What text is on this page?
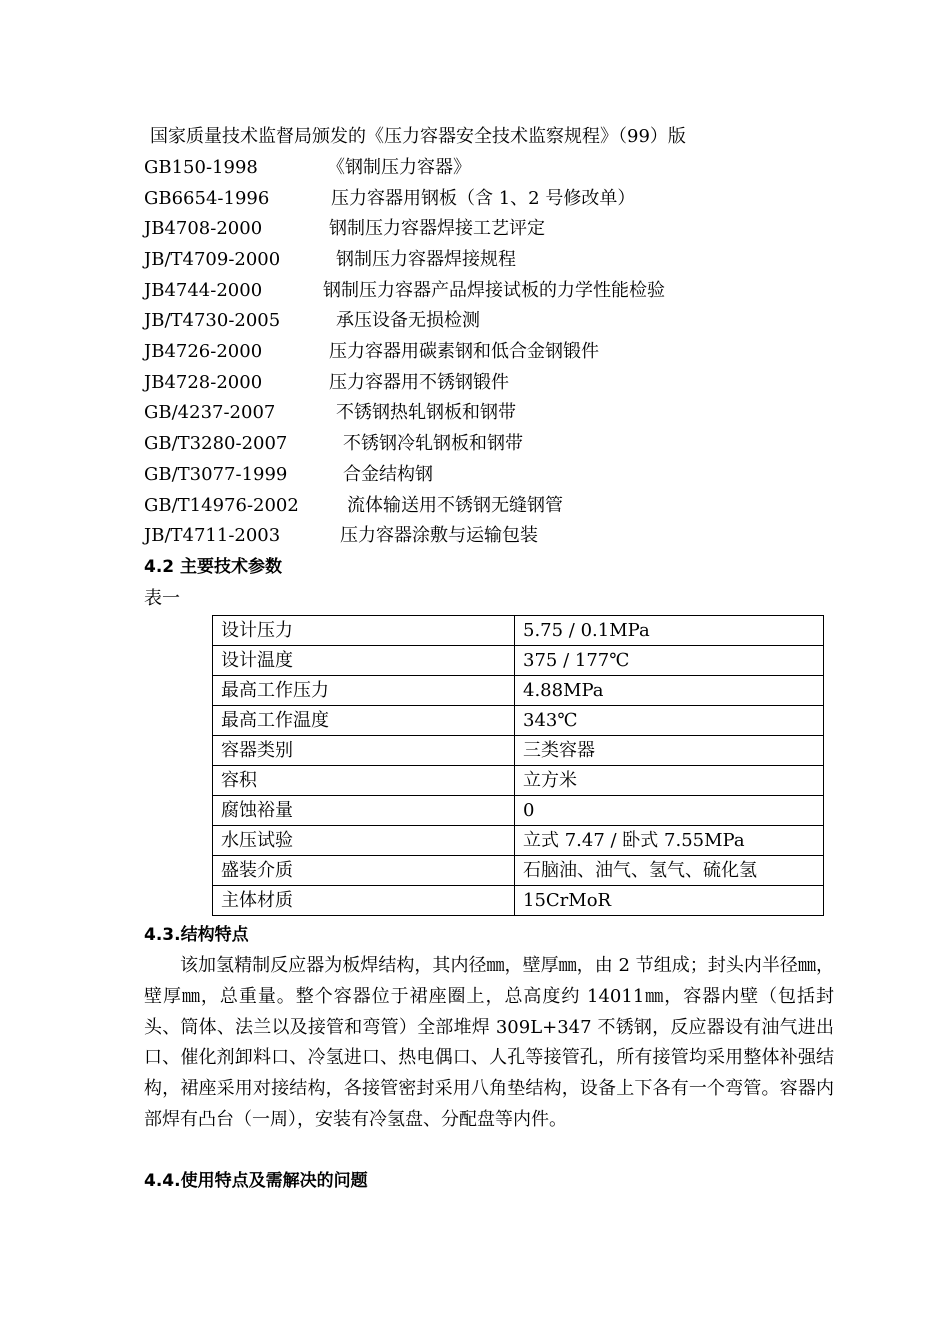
国家质量技术监督局颁发的《压力容器安全技术监察规程》（99）版
GB150-1998	《钢制压力容器》
GB6654-1996	压力容器用钢板（含 1、2 号修改单）
JB4708-2000	钢制压力容器焊接工艺评定
JB/T4709-2000	钢制压力容器焊接规程
JB4744-2000	钢制压力容器产品焊接试板的力学性能检验
JB/T4730-2005	承压设备无损检测
JB4726-2000	压力容器用碳素钢和低合金钢锻件
JB4728-2000	压力容器用不锈钢锻件
GB/4237-2007	不锈钢热轧钢板和钢带
GB/T3280-2007	不锈钢冷轧钢板和钢带
GB/T3077-1999	合金结构钢
GB/T14976-2002	流体输送用不锈钢无缝钢管
JB/T4711-2003	压力容器涂敷与运输包装
4.2 主要技术参数
表一
设计压力	5.75 / 0.1MPa
设计温度	375 / 177℃
最高工作压力	4.88MPa
最高工作温度	343℃
容器类别	三类容器
容积	立方米
腐蚀裕量	0
水压试验	立式 7.47 / 卧式 7.55MPa
盛装介质	石脑油、油气、氢气、硫化氢
主体材质	15CrMoR
4.3.结构特点

该加氢精制反应器为板焊结构，其内径㎜，壁厚㎜，由 2 节组成；封头内半径㎜，壁厚㎜，总重量。整个容器位于裙座圈上，总高度约 14011㎜，容器内壁（包括封头、筒体、法兰以及接管和弯管）全部堆焊 309L+347 不锈钢，反应器设有油气进出口、催化剂卸料口、冷氢进口、热电偶口、人孔等接管孔，所有接管均采用整体补强结构，裙座采用对接结构，各接管密封采用八角垫结构，设备上下各有一个弯管。容器内部焊有凸台（一周），安装有冷氢盘、分配盘等内件。

4.4.使用特点及需解决的问题
